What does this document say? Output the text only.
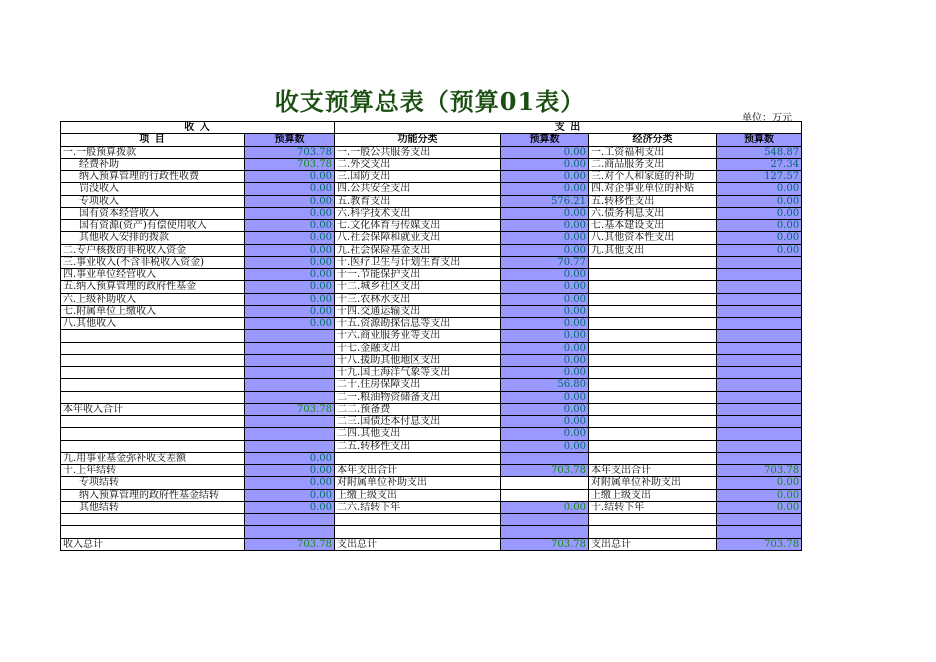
收支预算总表（预算01表）
单位：万元
收 入		支 出			
项 目	预算数	功能分类	预算数	经济分类	预算数
一.一般预算拨款	703.78	一.一般公共服务支出	0.00	一.工资福利支出	548.87
经费补助	703.78	二.外交支出	0.00	二.商品服务支出	27.34
纳入预算管理的行政性收费	0.00	三.国防支出	0.00	三.对个人和家庭的补助	127.57
罚没收入	0.00	四.公共安全支出	0.00	四.对企事业单位的补贴	0.00
专项收入	0.00	五.教育支出	576.21	五.转移性支出	0.00
国有资本经营收入	0.00	六.科学技术支出	0.00	六.债务利息支出	0.00
国有资源(资产)有偿使用收入	0.00	七.文化体育与传媒支出	0.00	七.基本建设支出	0.00
其他收入安排的拨款	0.00	八.社会保障和就业支出	0.00	八.其他资本性支出	0.00
二.专户核拨的非税收入资金	0.00	九.社会保险基金支出	0.00	九.其他支出	0.00
三.事业收入(不含非税收入资金)	0.00	十.医疗卫生与计划生育支出	70.77		
四.事业单位经营收入	0.00	十一.节能保护支出	0.00		
五.纳入预算管理的政府性基金	0.00	十二.城乡社区支出	0.00		
六.上级补助收入	0.00	十三.农林水支出	0.00		
七.附属单位上缴收入	0.00	十四.交通运输支出	0.00		
八.其他收入	0.00	十五.资源勘探信息等支出	0.00		
		十六.商业服务业等支出	0.00		
		十七.金融支出	0.00		
		十八.援助其他地区支出	0.00		
		十九.国土海洋气象等支出	0.00		
		二十.住房保障支出	56.80		
		二一.粮油物资储备支出	0.00		
本年收入合计	703.78	二二.预备费	0.00		
		二三.国债还本付息支出	0.00		
		二四.其他支出	0.00		
		二五.转移性支出	0.00		
九.用事业基金弥补收支差额	0.00				
十.上年结转	0.00	本年支出合计	703.78	本年支出合计	703.78
专项结转	0.00	对附属单位补助支出		对附属单位补助支出	0.00
纳入预算管理的政府性基金结转	0.00	上缴上级支出		上缴上级支出	0.00
其他结转	0.00	二六.结转下年	0.00	十.结转下年	0.00

收入总计	703.78	支出总计	703.78	支出总计	703.78
